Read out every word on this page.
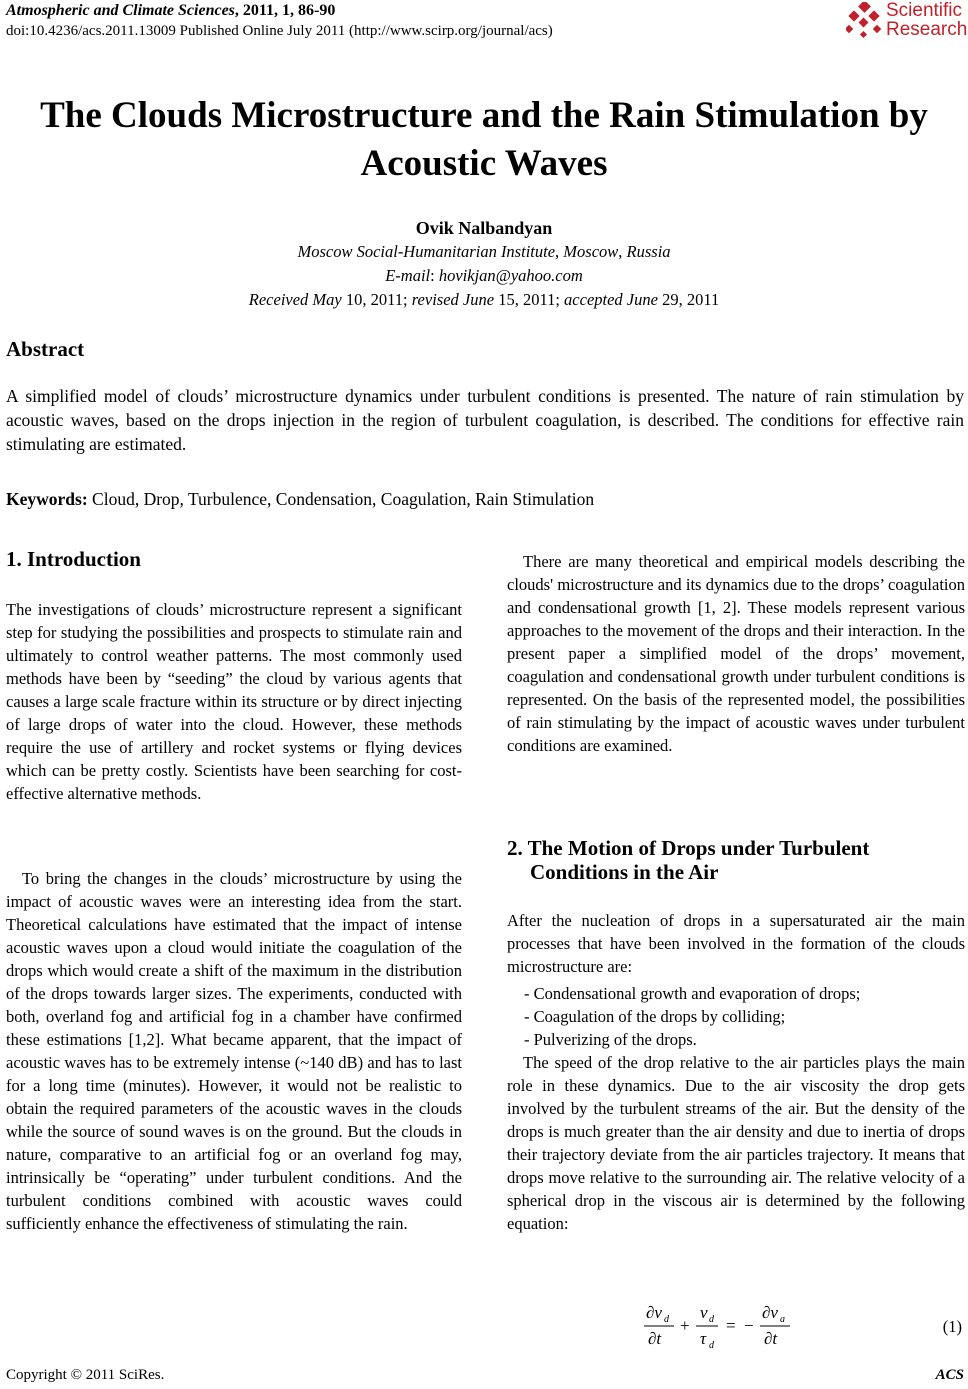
Atmospheric and Climate Sciences, 2011, 1, 86-90
doi:10.4236/acs.2011.13009 Published Online July 2011 (http://www.scirp.org/journal/acs)
Scientific
Research
The Clouds Microstructure and the Rain Stimulation by
Acoustic Waves
Ovik Nalbandyan
Moscow Social-Humanitarian Institute, Moscow, Russia
E-mail: hovikjan@yahoo.com
Received May 10, 2011; revised June 15, 2011; accepted June 29, 2011
Abstract

A simplified model of clouds’ microstructure dynamics under turbulent conditions is presented. The nature of rain stimulation by acoustic waves, based on the drops injection in the region of turbulent coagulation, is described. The conditions for effective rain stimulating are estimated.

Keywords: Cloud, Drop, Turbulence, Condensation, Coagulation, Rain Stimulation
1. Introduction

The investigations of clouds’ microstructure represent a significant step for studying the possibilities and prospects to stimulate rain and ultimately to control weather patterns. The most commonly used methods have been by “seeding” the cloud by various agents that causes a large scale fracture within its structure or by direct injecting of large drops of water into the cloud. However, these methods require the use of artillery and rocket systems or flying devices which can be pretty costly. Scientists have been searching for cost-effective alternative methods.

To bring the changes in the clouds’ microstructure by using the impact of acoustic waves were an interesting idea from the start. Theoretical calculations have estimated that the impact of intense acoustic waves upon a cloud would initiate the coagulation of the drops which would create a shift of the maximum in the distribution of the drops towards larger sizes. The experiments, conducted with both, overland fog and artificial fog in a chamber have confirmed these estimations [1,2]. What became apparent, that the impact of acoustic waves has to be extremely intense (~140 dB) and has to last for a long time (minutes). However, it would not be realistic to obtain the required parameters of the acoustic waves in the clouds while the source of sound waves is on the ground. But the clouds in nature, comparative to an artificial fog or an overland fog may, intrinsically be “operating” under turbulent conditions. And the turbulent conditions combined with acoustic waves could sufficiently enhance the effectiveness of stimulating the rain.

There are many theoretical and empirical models describing the clouds' microstructure and its dynamics due to the drops’ coagulation and condensational growth [1, 2]. These models represent various approaches to the movement of the drops and their interaction. In the present paper a simplified model of the drops’ movement, coagulation and condensational growth under turbulent conditions is represented. On the basis of the represented model, the possibilities of rain stimulating by the impact of acoustic waves under turbulent conditions are examined.

2. The Motion of Drops under Turbulent
Conditions in the Air

After the nucleation of drops in a supersaturated air the main processes that have been involved in the formation of the clouds microstructure are:

- Condensational growth and evaporation of drops;
- Coagulation of the drops by colliding;
- Pulverizing of the drops.

The speed of the drop relative to the air particles plays the main role in these dynamics. Due to the air viscosity the drop gets involved by the turbulent streams of the air. But the density of the drops is much greater than the air density and due to inertia of drops their trajectory deviate from the air particles trajectory. It means that drops move relative to the surrounding air. The relative velocity of a spherical drop in the viscous air is determined by the following equation:

∂v d
∂t
+
v d
τ d
= −
∂v a
∂t
(1)
Copyright © 2011 SciRes.	ACS
